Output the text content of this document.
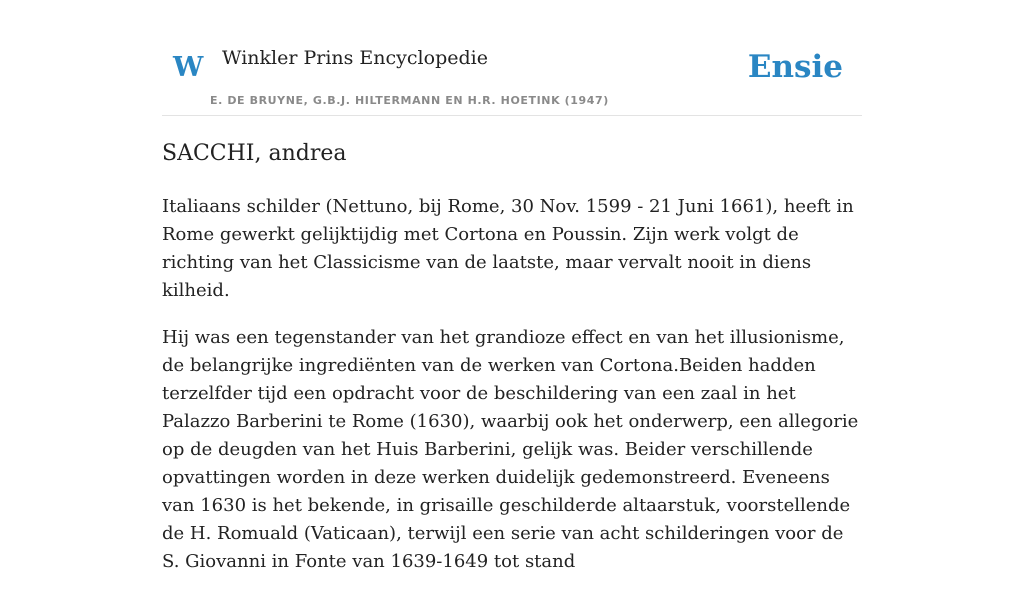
W Winkler Prins Encyclopedie
E. DE BRUYNE, G.B.J. HILTERMANN EN H.R. HOETINK (1947)
Ensie
SACCHI, andrea

Italiaans schilder (Nettuno, bij Rome, 30 Nov. 1599 - 21 Juni 1661), heeft in Rome gewerkt gelijktijdig met Cortona en Poussin. Zijn werk volgt de richting van het Classicisme van de laatste, maar vervalt nooit in diens kilheid.

Hij was een tegenstander van het grandioze effect en van het illusionisme, de belangrijke ingrediënten van de werken van Cortona.Beiden hadden terzelfder tijd een opdracht voor de beschildering van een zaal in het Palazzo Barberini te Rome (1630), waarbij ook het onderwerp, een allegorie op de deugden van het Huis Barberini, gelijk was. Beider verschillende opvattingen worden in deze werken duidelijk gedemonstreerd. Eveneens van 1630 is het bekende, in grisaille geschilderde altaarstuk, voorstellende de H. Romuald (Vaticaan), terwijl een serie van acht schilderingen voor de S. Giovanni in Fonte van 1639-1649 tot stand
